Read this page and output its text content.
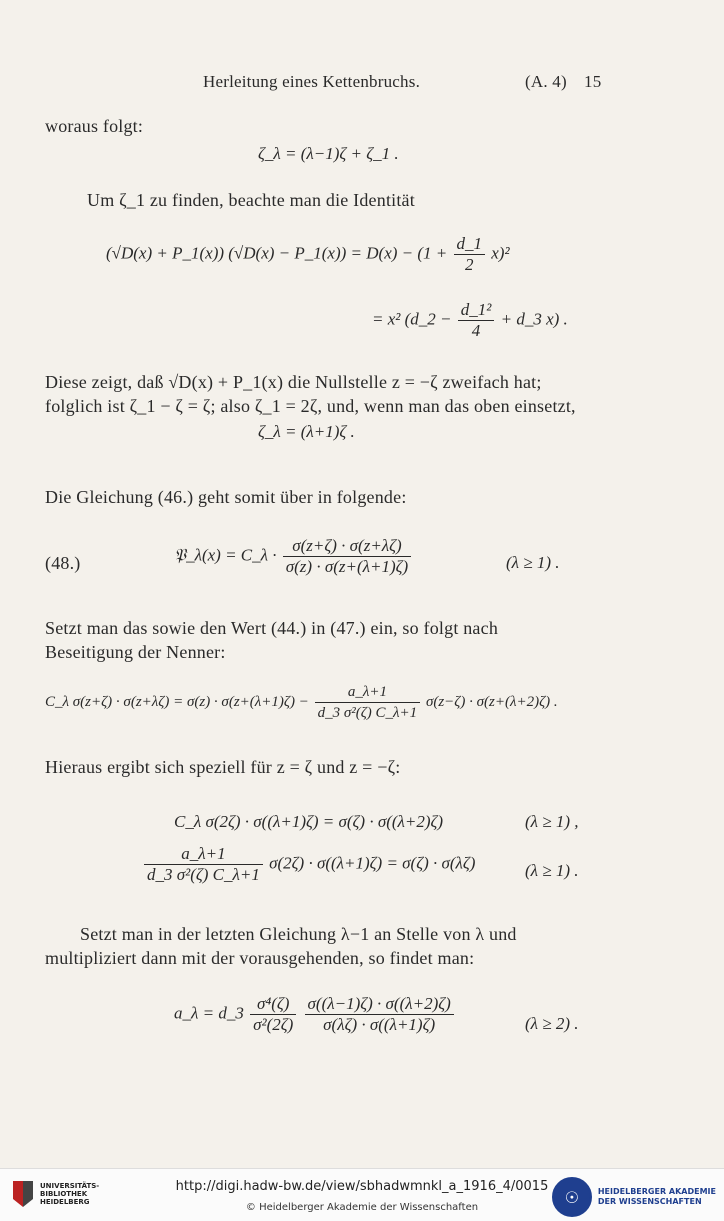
Herleitung eines Kettenbruchs.	(A. 4) 15
woraus folgt:
ζ_λ = (λ−1)ζ + ζ_1 .
Um ζ_1 zu finden, beachte man die Identität
(√D(x) + P_1(x)) (√D(x) − P_1(x)) = $D(x) - (1 + \frac{d\_1}{2} x)^2$
= x² (d_2 − $\frac{\text{d\_1²}}{4}$ + d_3 x) .
Diese zeigt, daß √D(x) + P_1(x) die Nullstelle z = −ζ zweifach hat;
folglich ist ζ_1 − ζ = ζ; also ζ_1 = 2ζ, und, wenn man das oben einsetzt,
ζ_λ = (λ+1)ζ .
Die Gleichung (46.) geht somit über in folgende:
(48.)	𝔓_λ(x) = C_λ · $\frac{\sigma(z+\zeta) \cdot \sigma(z+\lambda\zeta)}{\sigma(z) \cdot \sigma(z+(\lambda+1)\zeta)}$	(λ ≥ 1) .
Setzt man das sowie den Wert (44.) in (47.) ein, so folgt nach
Beseitigung der Nenner:
C_λ $\sigma(z+\zeta) \cdot \sigma(z+\lambda\zeta) = \sigma(z) \cdot \sigma(z+(\lambda+1)\zeta) - \frac{a\_\lambda+1}{\text{d\_3 σ²(ζ) C\_λ+1}} \sigma(z-\zeta) \cdot \sigma(z+(\lambda+2)\zeta)$ .
Hieraus ergibt sich speziell für z = ζ und z = −ζ:
C_λ σ(2ζ) · σ((λ+1)ζ) = σ(ζ) · σ((λ+2)ζ)	(λ ≥ 1) ,
$\frac{a\_\lambda+1}{\text{d\_3 σ²(ζ) C\_λ+1}} \sigma(2\zeta) \cdot \sigma((\lambda+1)\zeta) = \sigma(\zeta) \cdot \sigma(\lambda\zeta)$	(λ ≥ 1) .
Setzt man in der letzten Gleichung λ−1 an Stelle von λ und
multipliziert dann mit der vorausgehenden, so findet man:
a_λ = d_3 $\frac{\text{σ⁴(ζ)}}{\text{σ²(2ζ)}}$
$\frac{\sigma((\lambda-1)\zeta) \cdot \sigma((\lambda+2)\zeta)}{\sigma(\lambda\zeta) \cdot \sigma((\lambda+1)\zeta)}$	(λ ≥ 2) .
UNIVERSITÄTS-
BIBLIOTHEK
HEIDELBERG
http://digi.hadw-bw.de/view/sbhadwmnkl_a_1916_4/0015
© Heidelberger Akademie der Wissenschaften
☉	HEIDELBERGER AKADEMIE
DER WISSENSCHAFTEN
